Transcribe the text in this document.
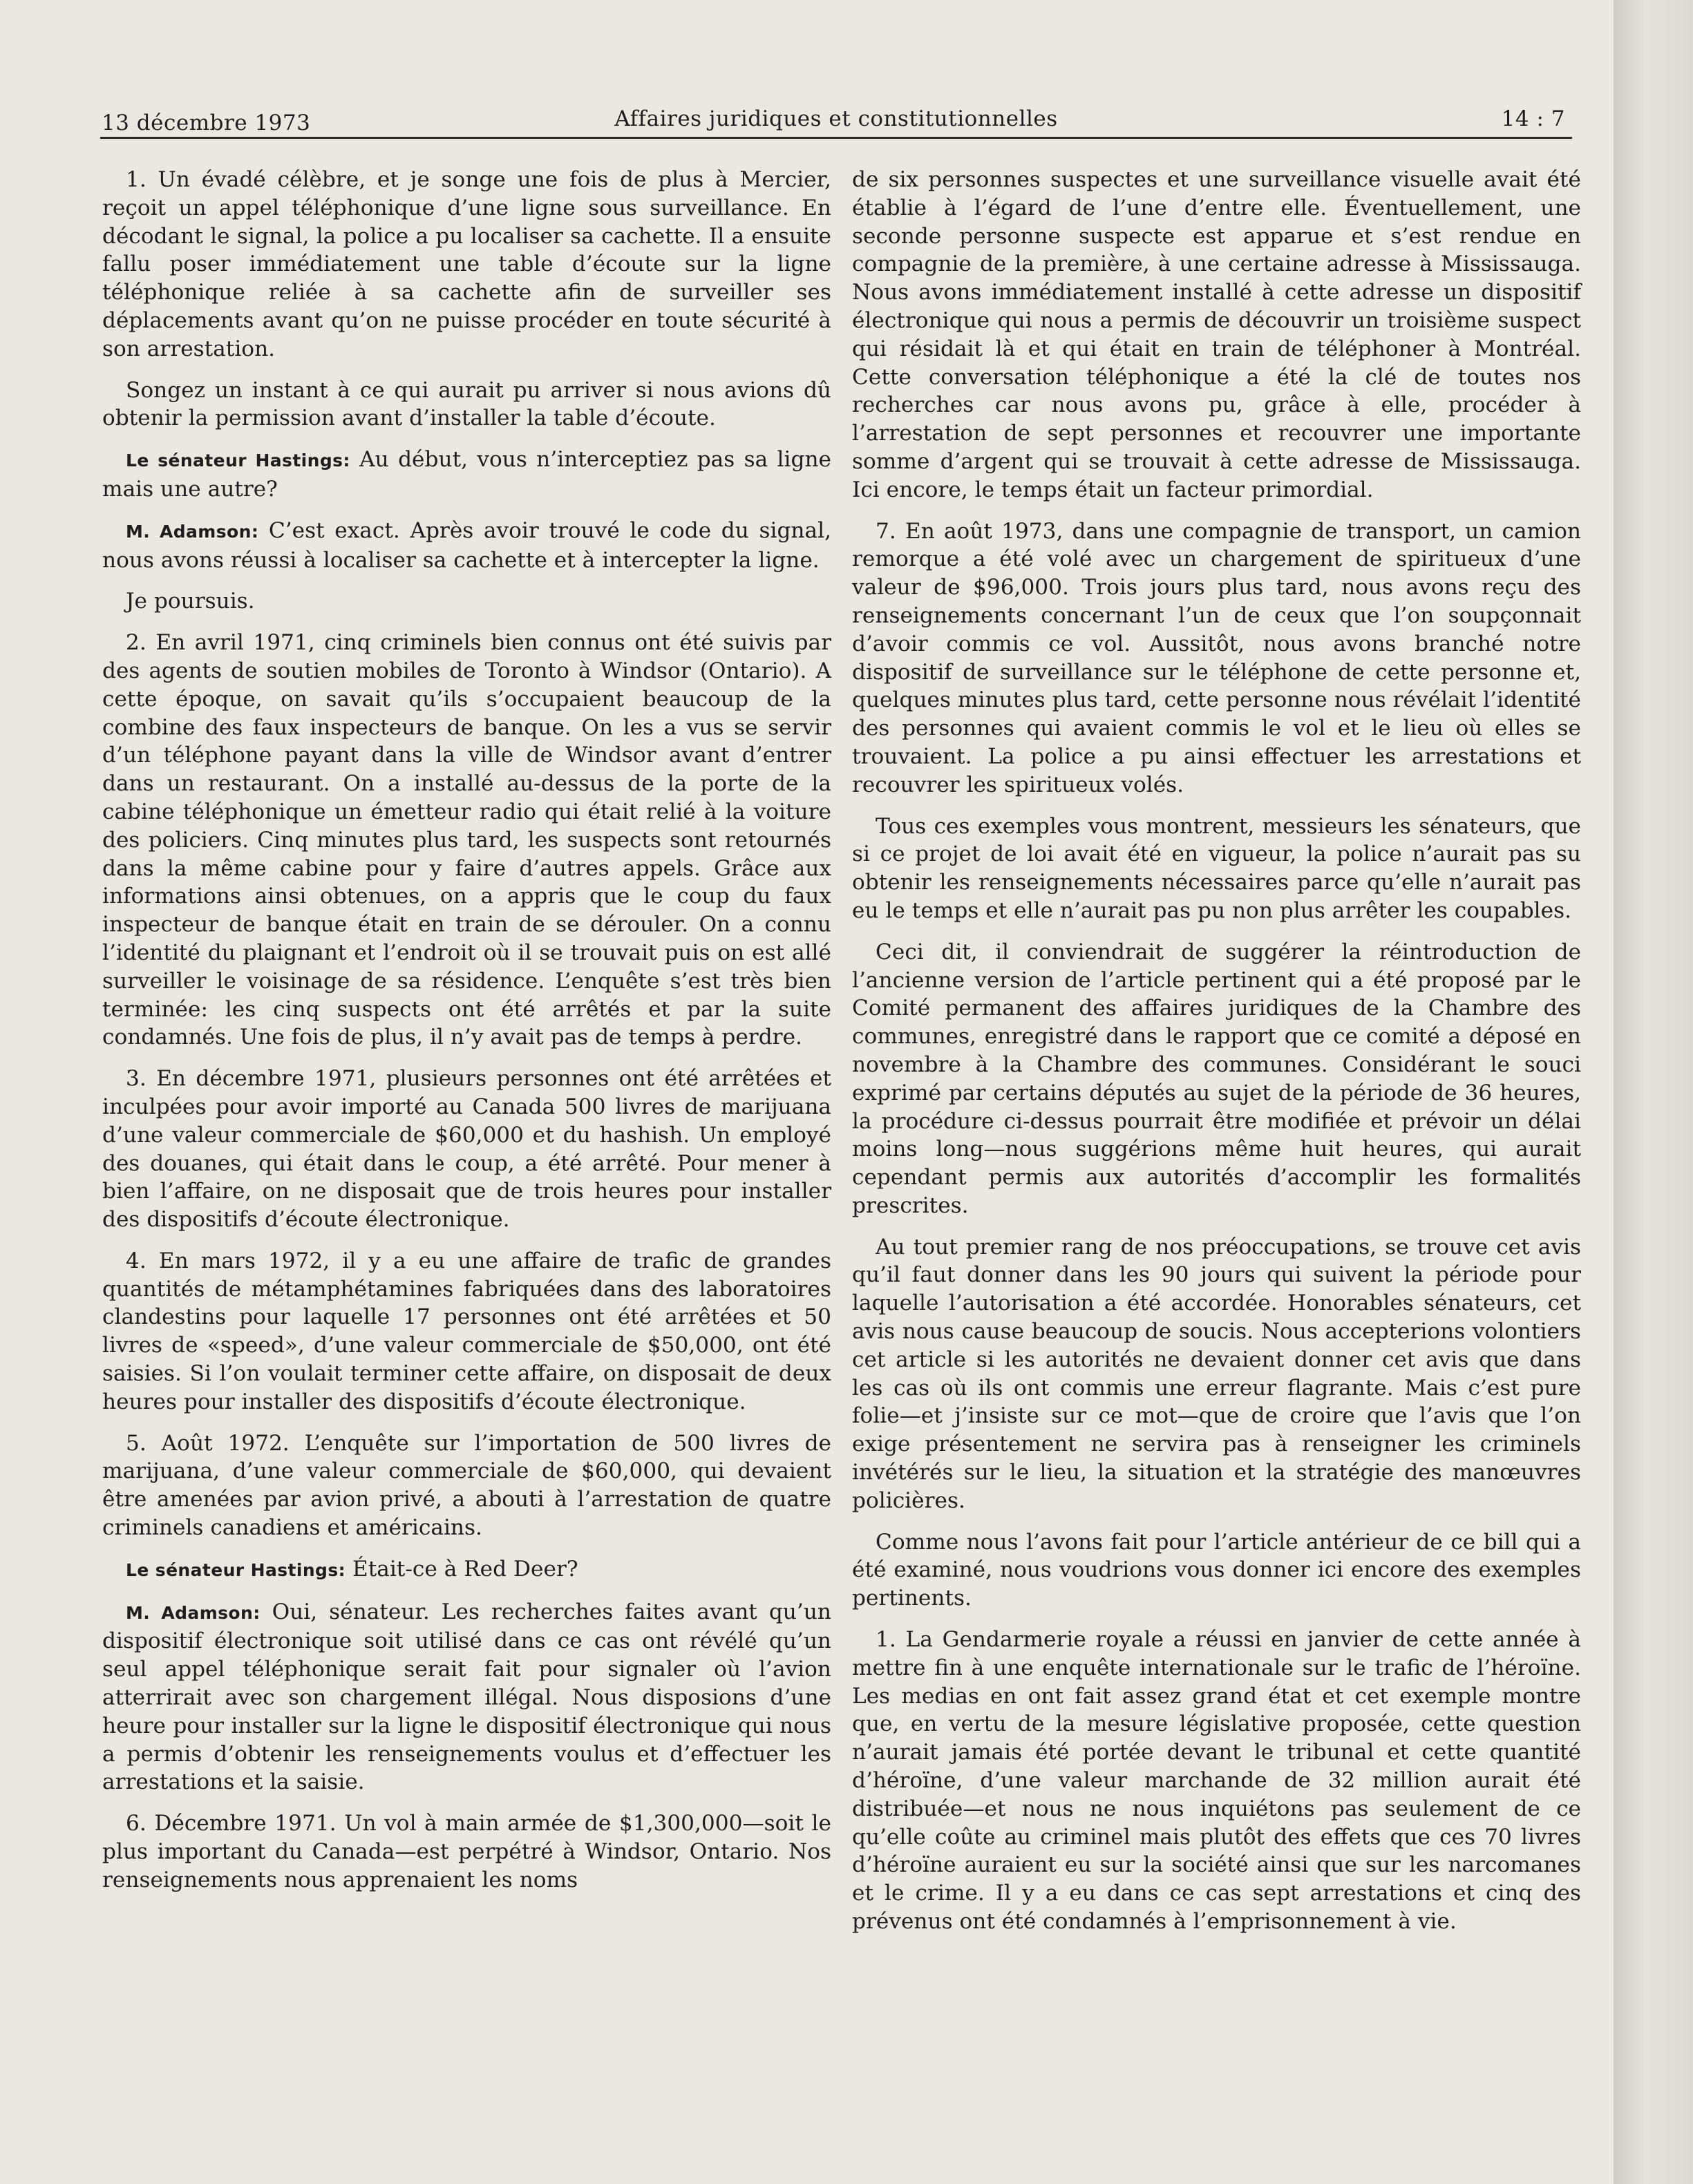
13 décembre 1973	Affaires juridiques et constitutionnelles	14 : 7

1. Un évadé célèbre, et je songe une fois de plus à Mercier, reçoit un appel téléphonique d’une ligne sous surveillance. En décodant le signal, la police a pu localiser sa cachette. Il a ensuite fallu poser immédiatement une table d’écoute sur la ligne téléphonique reliée à sa cachette afin de surveiller ses déplacements avant qu’on ne puisse procéder en toute sécurité à son arrestation.

Songez un instant à ce qui aurait pu arriver si nous avions dû obtenir la permission avant d’installer la table d’écoute.

Le sénateur Hastings: Au début, vous n’interceptiez pas sa ligne mais une autre?

M. Adamson: C’est exact. Après avoir trouvé le code du signal, nous avons réussi à localiser sa cachette et à intercepter la ligne.

Je poursuis.

2. En avril 1971, cinq criminels bien connus ont été suivis par des agents de soutien mobiles de Toronto à Windsor (Ontario). A cette époque, on savait qu’ils s’occupaient beaucoup de la combine des faux inspecteurs de banque. On les a vus se servir d’un téléphone payant dans la ville de Windsor avant d’entrer dans un restaurant. On a installé au-dessus de la porte de la cabine téléphonique un émetteur radio qui était relié à la voiture des policiers. Cinq minutes plus tard, les suspects sont retournés dans la même cabine pour y faire d’autres appels. Grâce aux informations ainsi obtenues, on a appris que le coup du faux inspecteur de banque était en train de se dérouler. On a connu l’identité du plaignant et l’endroit où il se trouvait puis on est allé surveiller le voisinage de sa résidence. L’enquête s’est très bien terminée: les cinq suspects ont été arrêtés et par la suite condamnés. Une fois de plus, il n’y avait pas de temps à perdre.

3. En décembre 1971, plusieurs personnes ont été arrêtées et inculpées pour avoir importé au Canada 500 livres de marijuana d’une valeur commerciale de $60,000 et du hashish. Un employé des douanes, qui était dans le coup, a été arrêté. Pour mener à bien l’affaire, on ne disposait que de trois heures pour installer des dispositifs d’écoute électronique.

4. En mars 1972, il y a eu une affaire de trafic de grandes quantités de métamphétamines fabriquées dans des laboratoires clandestins pour laquelle 17 personnes ont été arrêtées et 50 livres de «speed», d’une valeur commerciale de $50,000, ont été saisies. Si l’on voulait terminer cette affaire, on disposait de deux heures pour installer des dispositifs d’écoute électronique.

5. Août 1972. L’enquête sur l’importation de 500 livres de marijuana, d’une valeur commerciale de $60,000, qui devaient être amenées par avion privé, a abouti à l’arrestation de quatre criminels canadiens et américains.

Le sénateur Hastings: Était-ce à Red Deer?

M. Adamson: Oui, sénateur. Les recherches faites avant qu’un dispositif électronique soit utilisé dans ce cas ont révélé qu’un seul appel téléphonique serait fait pour signaler où l’avion atterrirait avec son chargement illégal. Nous disposions d’une heure pour installer sur la ligne le dispositif électronique qui nous a permis d’obtenir les renseignements voulus et d’effectuer les arrestations et la saisie.

6. Décembre 1971. Un vol à main armée de $1,300,000—soit le plus important du Canada—est perpétré à Windsor, Ontario. Nos renseignements nous apprenaient les noms

de six personnes suspectes et une surveillance visuelle avait été établie à l’égard de l’une d’entre elle. Éventuellement, une seconde personne suspecte est apparue et s’est rendue en compagnie de la première, à une certaine adresse à Mississauga. Nous avons immédiatement installé à cette adresse un dispositif électronique qui nous a permis de découvrir un troisième suspect qui résidait là et qui était en train de téléphoner à Montréal. Cette conversation téléphonique a été la clé de toutes nos recherches car nous avons pu, grâce à elle, procéder à l’arrestation de sept personnes et recouvrer une importante somme d’argent qui se trouvait à cette adresse de Mississauga. Ici encore, le temps était un facteur primordial.

7. En août 1973, dans une compagnie de transport, un camion remorque a été volé avec un chargement de spiritueux d’une valeur de $96,000. Trois jours plus tard, nous avons reçu des renseignements concernant l’un de ceux que l’on soupçonnait d’avoir commis ce vol. Aussitôt, nous avons branché notre dispositif de surveillance sur le téléphone de cette personne et, quelques minutes plus tard, cette personne nous révélait l’identité des personnes qui avaient commis le vol et le lieu où elles se trouvaient. La police a pu ainsi effectuer les arrestations et recouvrer les spiritueux volés.

Tous ces exemples vous montrent, messieurs les sénateurs, que si ce projet de loi avait été en vigueur, la police n’aurait pas su obtenir les renseignements nécessaires parce qu’elle n’aurait pas eu le temps et elle n’aurait pas pu non plus arrêter les coupables.

Ceci dit, il conviendrait de suggérer la réintroduction de l’ancienne version de l’article pertinent qui a été proposé par le Comité permanent des affaires juridiques de la Chambre des communes, enregistré dans le rapport que ce comité a déposé en novembre à la Chambre des communes. Considérant le souci exprimé par certains députés au sujet de la période de 36 heures, la procédure ci-dessus pourrait être modifiée et prévoir un délai moins long—nous suggérions même huit heures, qui aurait cependant permis aux autorités d’accomplir les formalités prescrites.

Au tout premier rang de nos préoccupations, se trouve cet avis qu’il faut donner dans les 90 jours qui suivent la période pour laquelle l’autorisation a été accordée. Honorables sénateurs, cet avis nous cause beaucoup de soucis. Nous accepterions volontiers cet article si les autorités ne devaient donner cet avis que dans les cas où ils ont commis une erreur flagrante. Mais c’est pure folie—et j’insiste sur ce mot—que de croire que l’avis que l’on exige présentement ne servira pas à renseigner les criminels invétérés sur le lieu, la situation et la stratégie des manœuvres policières.

Comme nous l’avons fait pour l’article antérieur de ce bill qui a été examiné, nous voudrions vous donner ici encore des exemples pertinents.

1. La Gendarmerie royale a réussi en janvier de cette année à mettre fin à une enquête internationale sur le trafic de l’héroïne. Les medias en ont fait assez grand état et cet exemple montre que, en vertu de la mesure législative proposée, cette question n’aurait jamais été portée devant le tribunal et cette quantité d’héroïne, d’une valeur marchande de 32 million aurait été distribuée—et nous ne nous inquiétons pas seulement de ce qu’elle coûte au criminel mais plutôt des effets que ces 70 livres d’héroïne auraient eu sur la société ainsi que sur les narcomanes et le crime. Il y a eu dans ce cas sept arrestations et cinq des prévenus ont été condamnés à l’emprisonnement à vie.
